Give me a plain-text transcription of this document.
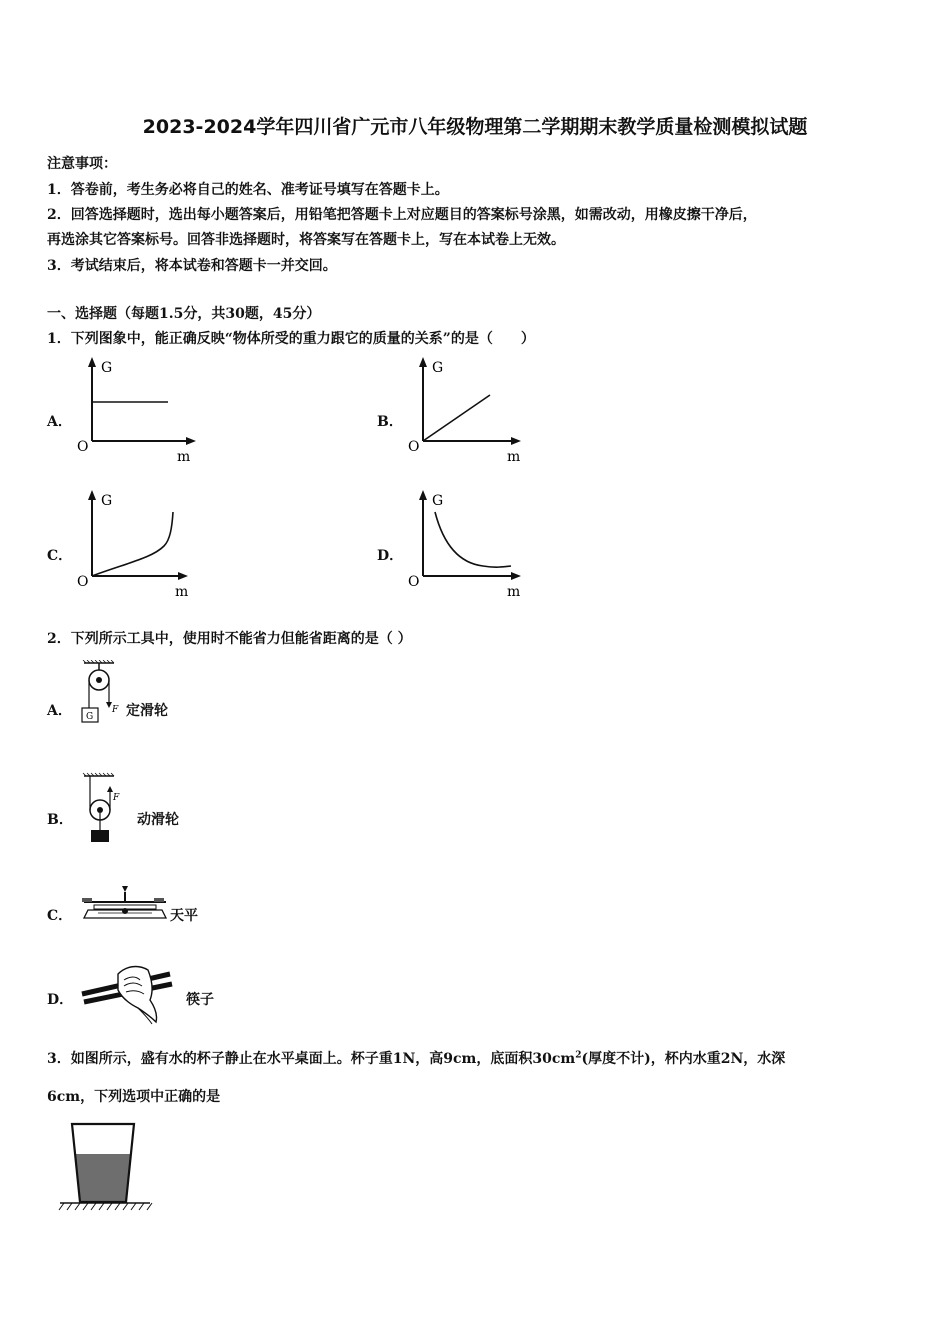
2023-2024学年四川省广元市八年级物理第二学期期末教学质量检测模拟试题
注意事项：
1．答卷前，考生务必将自己的姓名、准考证号填写在答题卡上。
2．回答选择题时，选出每小题答案后，用铅笔把答题卡上对应题目的答案标号涂黑，如需改动，用橡皮擦干净后，
再选涂其它答案标号。回答非选择题时，将答案写在答题卡上，写在本试卷上无效。
3．考试结束后，将本试卷和答题卡一并交回。
一、选择题（每题1.5分，共30题，45分）
1．下列图象中，能正确反映“物体所受的重力跟它的质量的关系”的是（　　）
A．
G
O
m
B．
G
O
m
C．
G
O
m
D．
G
O
m
2．下列所示工具中，使用时不能省力但能省距离的是（ ）
A． G
F 定滑轮
B．
F
动滑轮
C．	天平
D．	筷子
3．如图所示，盛有水的杯子静止在水平桌面上。杯子重1N，高9cm，底面积$30cm^2$(厚度不计)，杯内水重2N，水深
6cm，下列选项中正确的是
